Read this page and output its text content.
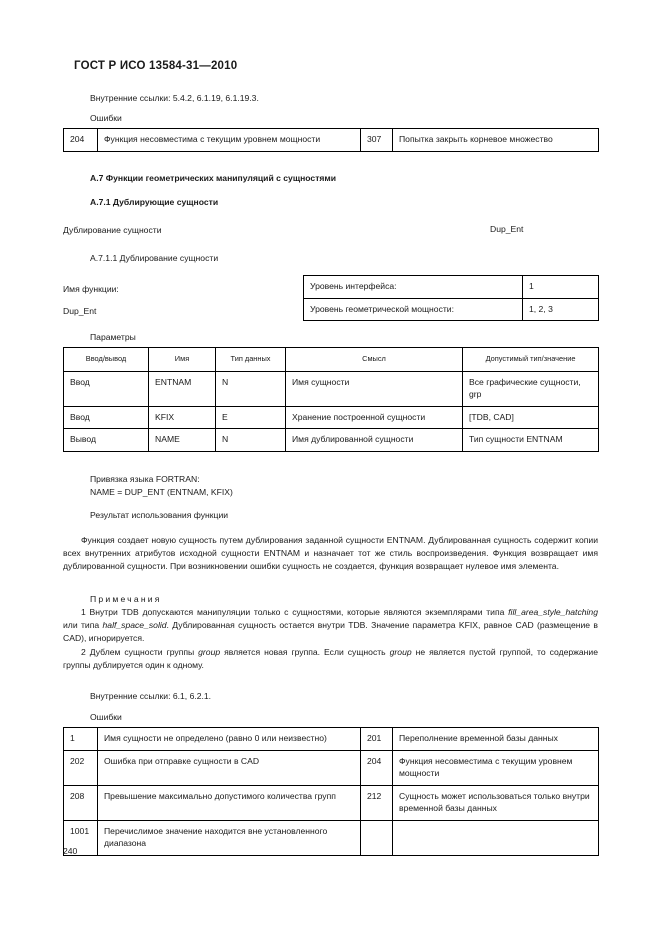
ГОСТ Р ИСО 13584-31—2010
Внутренние ссылки: 5.4.2, 6.1.19, 6.1.19.3.
Ошибки
204	Функция несовместима с текущим уровнем мощности	307	Попытка закрыть корневое множество
А.7 Функции геометрических манипуляций с сущностями
А.7.1 Дублирующие сущности
Дублирование сущности	Dup_Ent
А.7.1.1 Дублирование сущности
Имя функции:
Dup_Ent
Уровень интерфейса:	1
Уровень геометрической мощности:	1, 2, 3
Параметры
Ввод/вывод	Имя	Тип данных	Смысл	Допустимый тип/значение
Ввод	ENTNAM	N	Имя сущности	Все графические сущности, grp
Ввод	KFIX	E	Хранение построенной сущности	[TDB, CAD]
Вывод	NAME	N	Имя дублированной сущности	Тип сущности ENTNAM
Привязка языка FORTRAN:
NAME = DUP_ENT (ENTNAM, KFIX)
Результат использования функции
Функция создает новую сущность путем дублирования заданной сущности ENTNAM. Дублированная сущность содержит копии всех внутренних атрибутов исходной сущности ENTNAM и назначает тот же стиль воспроизведения. Функция возвращает имя дублированной сущности. При возникновении ошибки сущность не создается, функция возвращает нулевое имя элемента.
Примечания
1 Внутри TDB допускаются манипуляции только с сущностями, которые являются экземплярами типа fill_area_style_hatching или типа half_space_solid. Дублированная сущность остается внутри TDB. Значение параметра KFIX, равное CAD (размещение в CAD), игнорируется.
2 Дублем сущности группы group является новая группа. Если сущность group не является пустой группой, то содержание группы дублируется один к одному.
Внутренние ссылки: 6.1, 6.2.1.
Ошибки
1	Имя сущности не определено (равно 0 или неизвестно)	201	Переполнение временной базы данных
202	Ошибка при отправке сущности в CAD	204	Функция несовместима с текущим уровнем мощности
208	Превышение максимально допустимого количества групп	212	Сущность может использоваться только внутри временной базы данных
1001	Перечислимое значение находится вне установленного диапазона		
240
